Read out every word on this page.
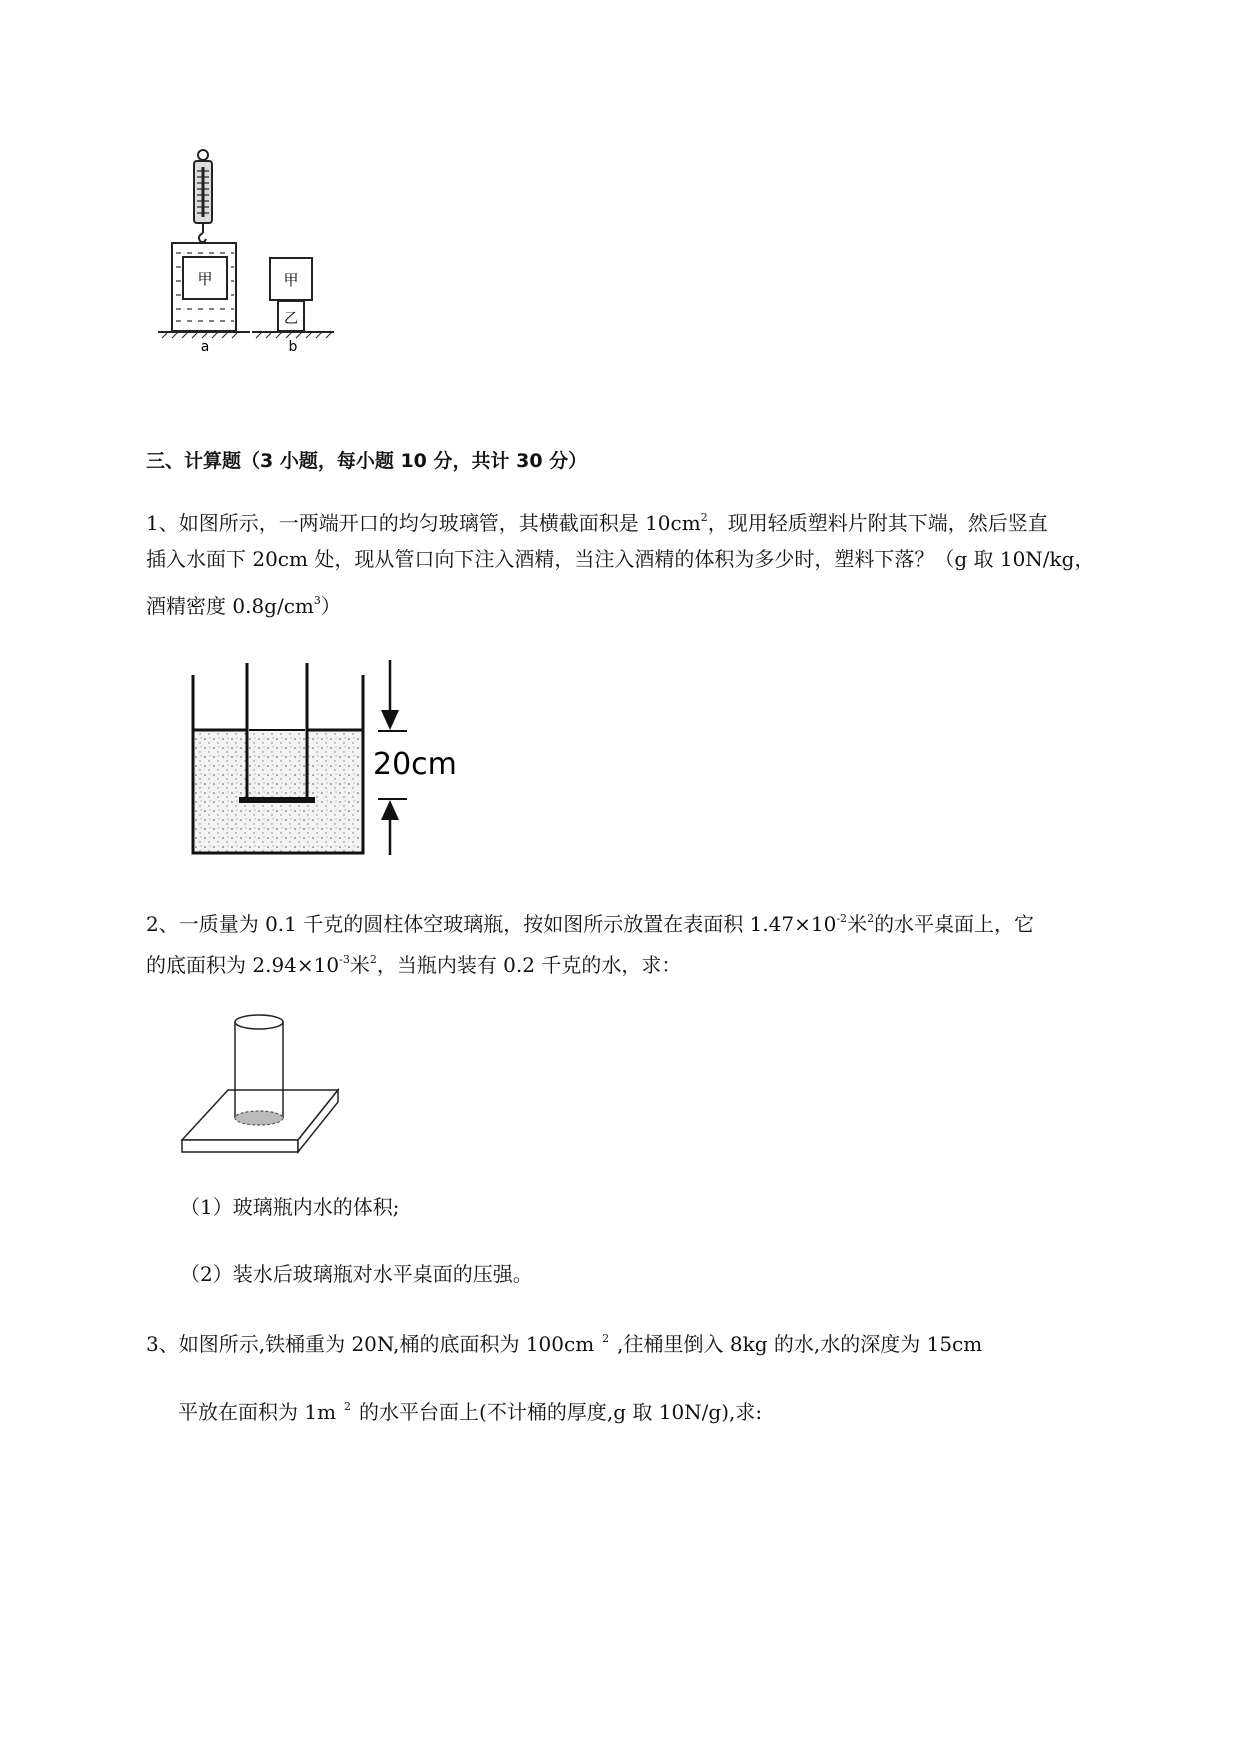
甲
a
甲
乙
b
三、计算题（3 小题，每小题 10 分，共计 30 分）
1、如图所示，一两端开口的均匀玻璃管，其横截面积是 $10cm^2$，现用轻质塑料片附其下端，然后竖直
插入水面下 20cm 处，现从管口向下注入酒精，当注入酒精的体积为多少时，塑料下落？（g 取 10N/kg，
酒精密度 $0.8g/cm^3$）
20cm
2、一质量为 0.1 千克的圆柱体空玻璃瓶，按如图所示放置在表面积 $1.47\times 10^{-2}$米$^2$的水平桌面上，它
的底面积为 $2.94\times 10^{-3}$米$^2$，当瓶内装有 0.2 千克的水，求：
（1）玻璃瓶内水的体积;
（2）装水后玻璃瓶对水平桌面的压强。
3、如图所示,铁桶重为 20N,桶的底面积为 100cm $^2$ ,往桶里倒入 8kg 的水,水的深度为 15cm
平放在面积为 1m $^2$ 的水平台面上(不计桶的厚度,g 取 10N/g),求:
